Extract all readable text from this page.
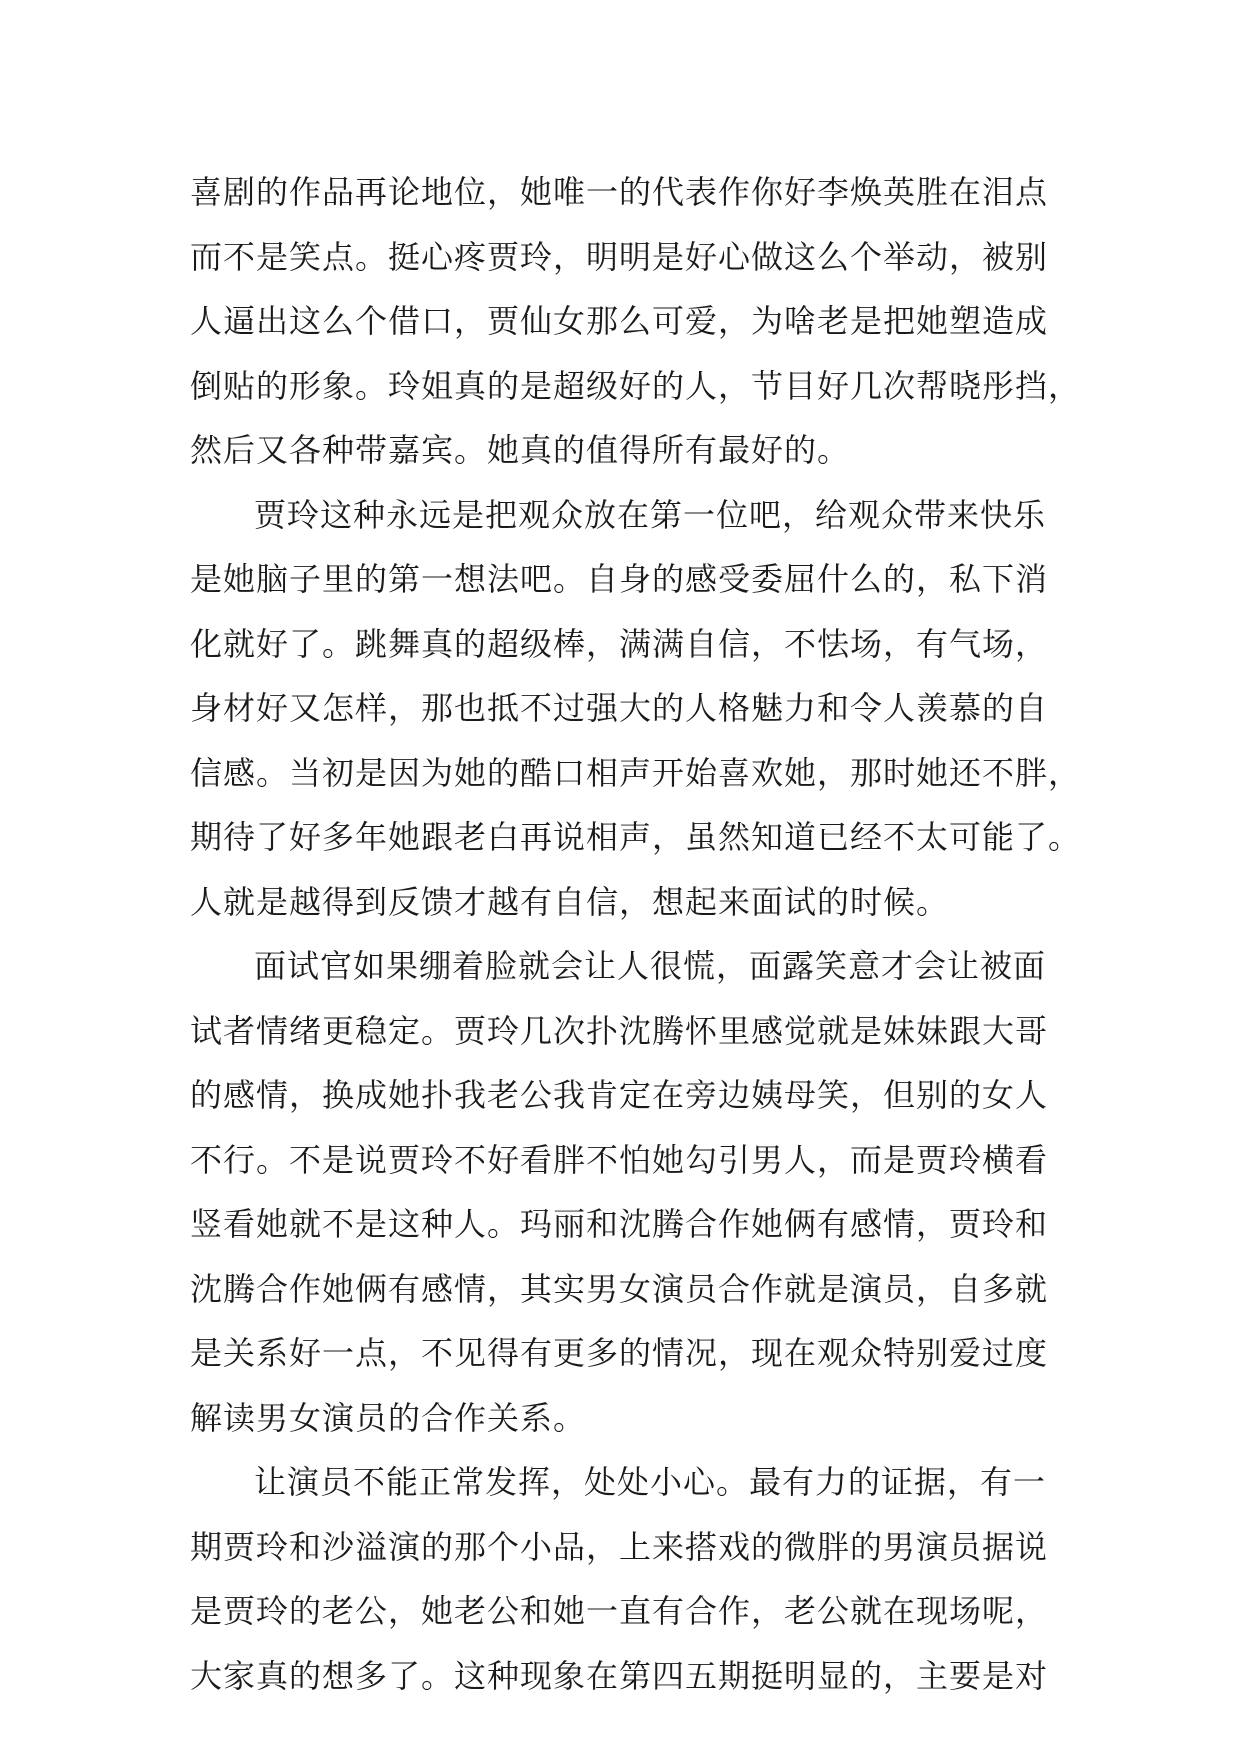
喜剧的作品再论地位，她唯一的代表作你好李焕英胜在泪点
而不是笑点。挺心疼贾玲，明明是好心做这么个举动，被别
人逼出这么个借口，贾仙女那么可爱，为啥老是把她塑造成
倒贴的形象。玲姐真的是超级好的人，节目好几次帮晓彤挡，
然后又各种带嘉宾。她真的值得所有最好的。

贾玲这种永远是把观众放在第一位吧，给观众带来快乐
是她脑子里的第一想法吧。自身的感受委屈什么的，私下消
化就好了。跳舞真的超级棒，满满自信，不怯场，有气场，
身材好又怎样，那也抵不过强大的人格魅力和令人羡慕的自
信感。当初是因为她的酷口相声开始喜欢她，那时她还不胖，
期待了好多年她跟老白再说相声，虽然知道已经不太可能了。
人就是越得到反馈才越有自信，想起来面试的时候。

面试官如果绷着脸就会让人很慌，面露笑意才会让被面
试者情绪更稳定。贾玲几次扑沈腾怀里感觉就是妹妹跟大哥
的感情，换成她扑我老公我肯定在旁边姨母笑，但别的女人
不行。不是说贾玲不好看胖不怕她勾引男人，而是贾玲横看
竖看她就不是这种人。玛丽和沈腾合作她俩有感情，贾玲和
沈腾合作她俩有感情，其实男女演员合作就是演员，自多就
是关系好一点，不见得有更多的情况，现在观众特别爱过度
解读男女演员的合作关系。

让演员不能正常发挥，处处小心。最有力的证据，有一
期贾玲和沙溢演的那个小品，上来搭戏的微胖的男演员据说
是贾玲的老公，她老公和她一直有合作，老公就在现场呢，
大家真的想多了。这种现象在第四五期挺明显的，主要是对
